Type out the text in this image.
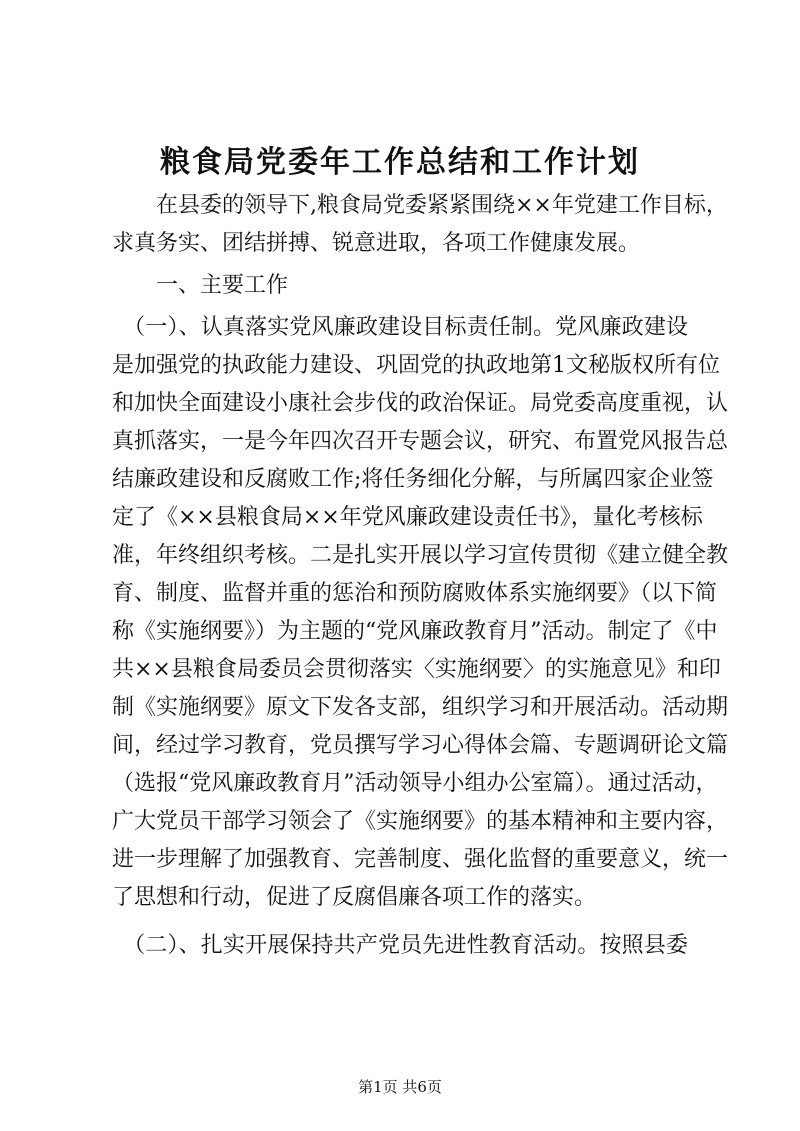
粮食局党委年工作总结和工作计划
　　在县委的领导下,粮食局党委紧紧围绕××年党建工作目标，
求真务实、团结拼搏、锐意进取，各项工作健康发展。
　　一、主要工作
　（一）、认真落实党风廉政建设目标责任制。党风廉政建设
是加强党的执政能力建设、巩固党的执政地第1文秘版权所有位
和加快全面建设小康社会步伐的政治保证。局党委高度重视，认
真抓落实，一是今年四次召开专题会议，研究、布置党风报告总
结廉政建设和反腐败工作;将任务细化分解，与所属四家企业签
定了《××县粮食局××年党风廉政建设责任书》，量化考核标
准，年终组织考核。二是扎实开展以学习宣传贯彻《建立健全教
育、制度、监督并重的惩治和预防腐败体系实施纲要》（以下简
称《实施纲要》）为主题的“党风廉政教育月”活动。制定了《中
共××县粮食局委员会贯彻落实〈实施纲要〉的实施意见》和印
制《实施纲要》原文下发各支部，组织学习和开展活动。活动期
间，经过学习教育，党员撰写学习心得体会篇、专题调研论文篇
（选报“党风廉政教育月”活动领导小组办公室篇）。通过活动，
广大党员干部学习领会了《实施纲要》的基本精神和主要内容，
进一步理解了加强教育、完善制度、强化监督的重要意义，统一
了思想和行动，促进了反腐倡廉各项工作的落实。
　（二）、扎实开展保持共产党员先进性教育活动。按照县委
第1页 共6页
